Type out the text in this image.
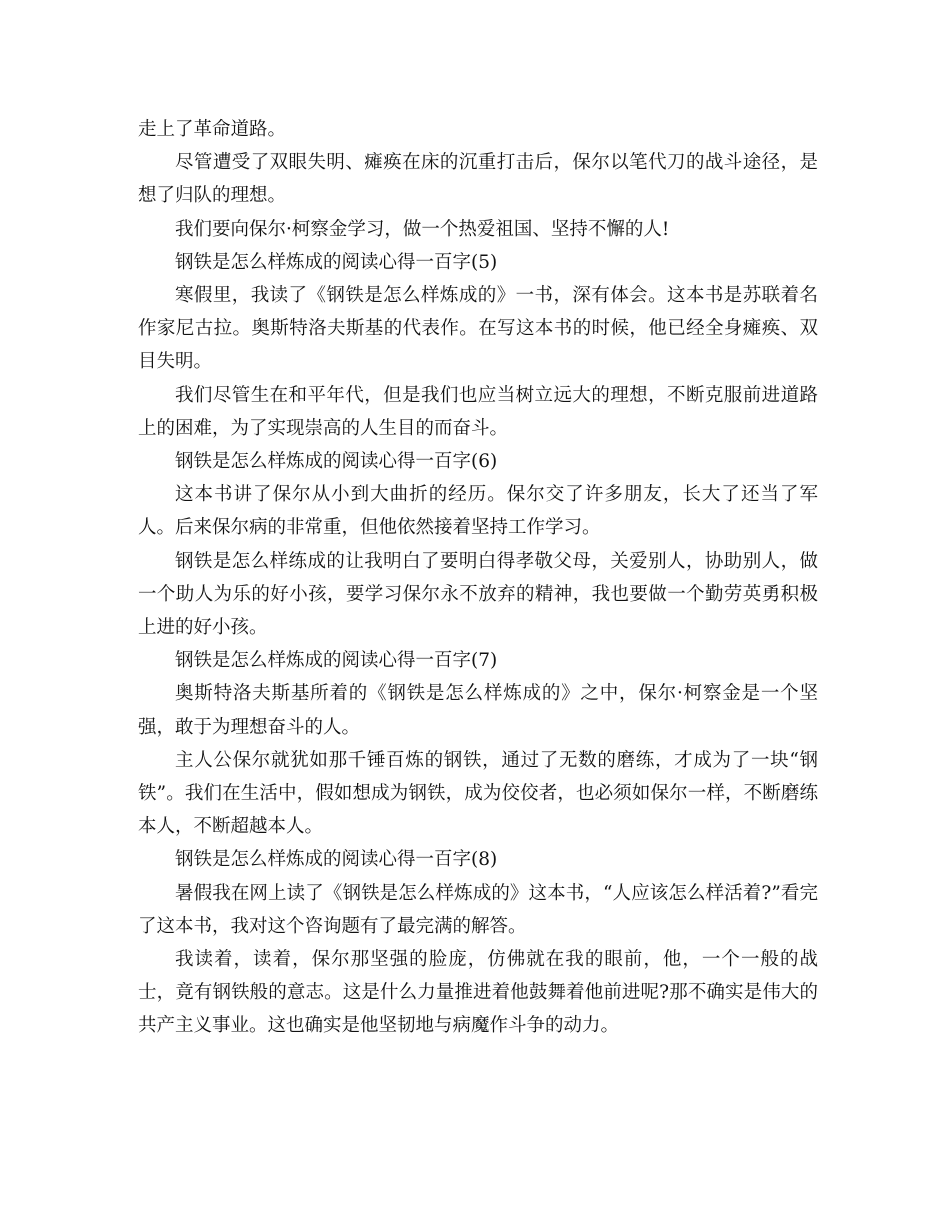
走上了革命道路。

尽管遭受了双眼失明、瘫痪在床的沉重打击后，保尔以笔代刀的战斗途径，是想了归队的理想。

我们要向保尔·柯察金学习，做一个热爱祖国、坚持不懈的人!

钢铁是怎么样炼成的阅读心得一百字(5)

寒假里，我读了《钢铁是怎么样炼成的》一书，深有体会。这本书是苏联着名作家尼古拉。奥斯特洛夫斯基的代表作。在写这本书的时候，他已经全身瘫痪、双目失明。

我们尽管生在和平年代，但是我们也应当树立远大的理想，不断克服前进道路上的困难，为了实现崇高的人生目的而奋斗。

钢铁是怎么样炼成的阅读心得一百字(6)

这本书讲了保尔从小到大曲折的经历。保尔交了许多朋友，长大了还当了军人。后来保尔病的非常重，但他依然接着坚持工作学习。

钢铁是怎么样练成的让我明白了要明白得孝敬父母，关爱别人，协助别人，做一个助人为乐的好小孩，要学习保尔永不放弃的精神，我也要做一个勤劳英勇积极上进的好小孩。

钢铁是怎么样炼成的阅读心得一百字(7)

奥斯特洛夫斯基所着的《钢铁是怎么样炼成的》之中，保尔·柯察金是一个坚强，敢于为理想奋斗的人。

主人公保尔就犹如那千锤百炼的钢铁，通过了无数的磨练，才成为了一块“钢铁”。我们在生活中，假如想成为钢铁，成为佼佼者，也必须如保尔一样，不断磨练本人，不断超越本人。

钢铁是怎么样炼成的阅读心得一百字(8)

暑假我在网上读了《钢铁是怎么样炼成的》这本书，“人应该怎么样活着?”看完了这本书，我对这个咨询题有了最完满的解答。

我读着，读着，保尔那坚强的脸庞，仿佛就在我的眼前，他，一个一般的战士，竟有钢铁般的意志。这是什么力量推进着他鼓舞着他前进呢?那不确实是伟大的共产主义事业。这也确实是他坚韧地与病魔作斗争的动力。
